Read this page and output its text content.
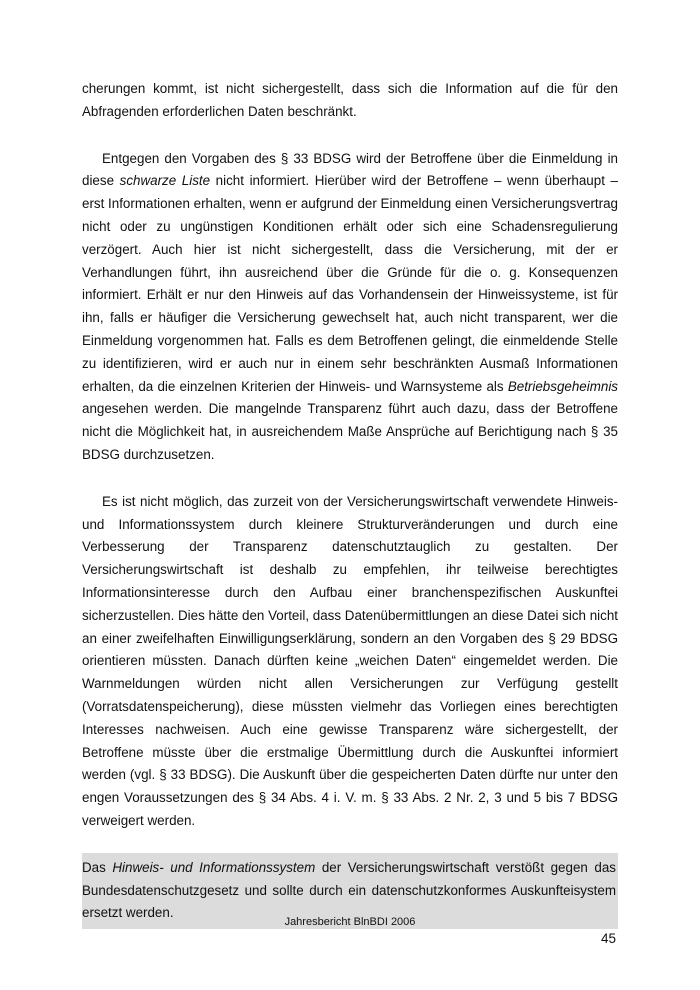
cherungen kommt, ist nicht sichergestellt, dass sich die Information auf die für den Abfragenden erforderlichen Daten beschränkt.

Entgegen den Vorgaben des § 33 BDSG wird der Betroffene über die Einmeldung in diese schwarze Liste nicht informiert. Hierüber wird der Betroffene – wenn überhaupt – erst Informationen erhalten, wenn er aufgrund der Einmeldung einen Versicherungsvertrag nicht oder zu ungünstigen Konditionen erhält oder sich eine Schadensregulierung verzögert. Auch hier ist nicht sichergestellt, dass die Versicherung, mit der er Verhandlungen führt, ihn ausreichend über die Gründe für die o. g. Konsequenzen informiert. Erhält er nur den Hinweis auf das Vorhandensein der Hinweissysteme, ist für ihn, falls er häufiger die Versicherung gewechselt hat, auch nicht transparent, wer die Einmeldung vorgenommen hat. Falls es dem Betroffenen gelingt, die einmeldende Stelle zu identifizieren, wird er auch nur in einem sehr beschränkten Ausmaß Informationen erhalten, da die einzelnen Kriterien der Hinweis- und Warnsysteme als Betriebsgeheimnis angesehen werden. Die mangelnde Transparenz führt auch dazu, dass der Betroffene nicht die Möglichkeit hat, in ausreichendem Maße Ansprüche auf Berichtigung nach § 35 BDSG durchzusetzen.

Es ist nicht möglich, das zurzeit von der Versicherungswirtschaft verwendete Hinweis- und Informationssystem durch kleinere Strukturveränderungen und durch eine Verbesserung der Transparenz datenschutztauglich zu gestalten. Der Versicherungswirtschaft ist deshalb zu empfehlen, ihr teilweise berechtigtes Informationsinteresse durch den Aufbau einer branchenspezifischen Auskunftei sicherzustellen. Dies hätte den Vorteil, dass Datenübermittlungen an diese Datei sich nicht an einer zweifelhaften Einwilligungserklärung, sondern an den Vorgaben des § 29 BDSG orientieren müssten. Danach dürften keine „weichen Daten“ eingemeldet werden. Die Warnmeldungen würden nicht allen Versicherungen zur Verfügung gestellt (Vorratsdatenspeicherung), diese müssten vielmehr das Vorliegen eines berechtigten Interesses nachweisen. Auch eine gewisse Transparenz wäre sichergestellt, der Betroffene müsste über die erstmalige Übermittlung durch die Auskunftei informiert werden (vgl. § 33 BDSG). Die Auskunft über die gespeicherten Daten dürfte nur unter den engen Voraussetzungen des § 34 Abs. 4 i. V. m. § 33 Abs. 2 Nr. 2, 3 und 5 bis 7 BDSG verweigert werden.

Das Hinweis- und Informationssystem der Versicherungswirtschaft verstößt gegen das Bundesdatenschutzgesetz und sollte durch ein datenschutzkonformes Auskunfteisystem ersetzt werden.

Jahresbericht BlnBDI 2006
45
